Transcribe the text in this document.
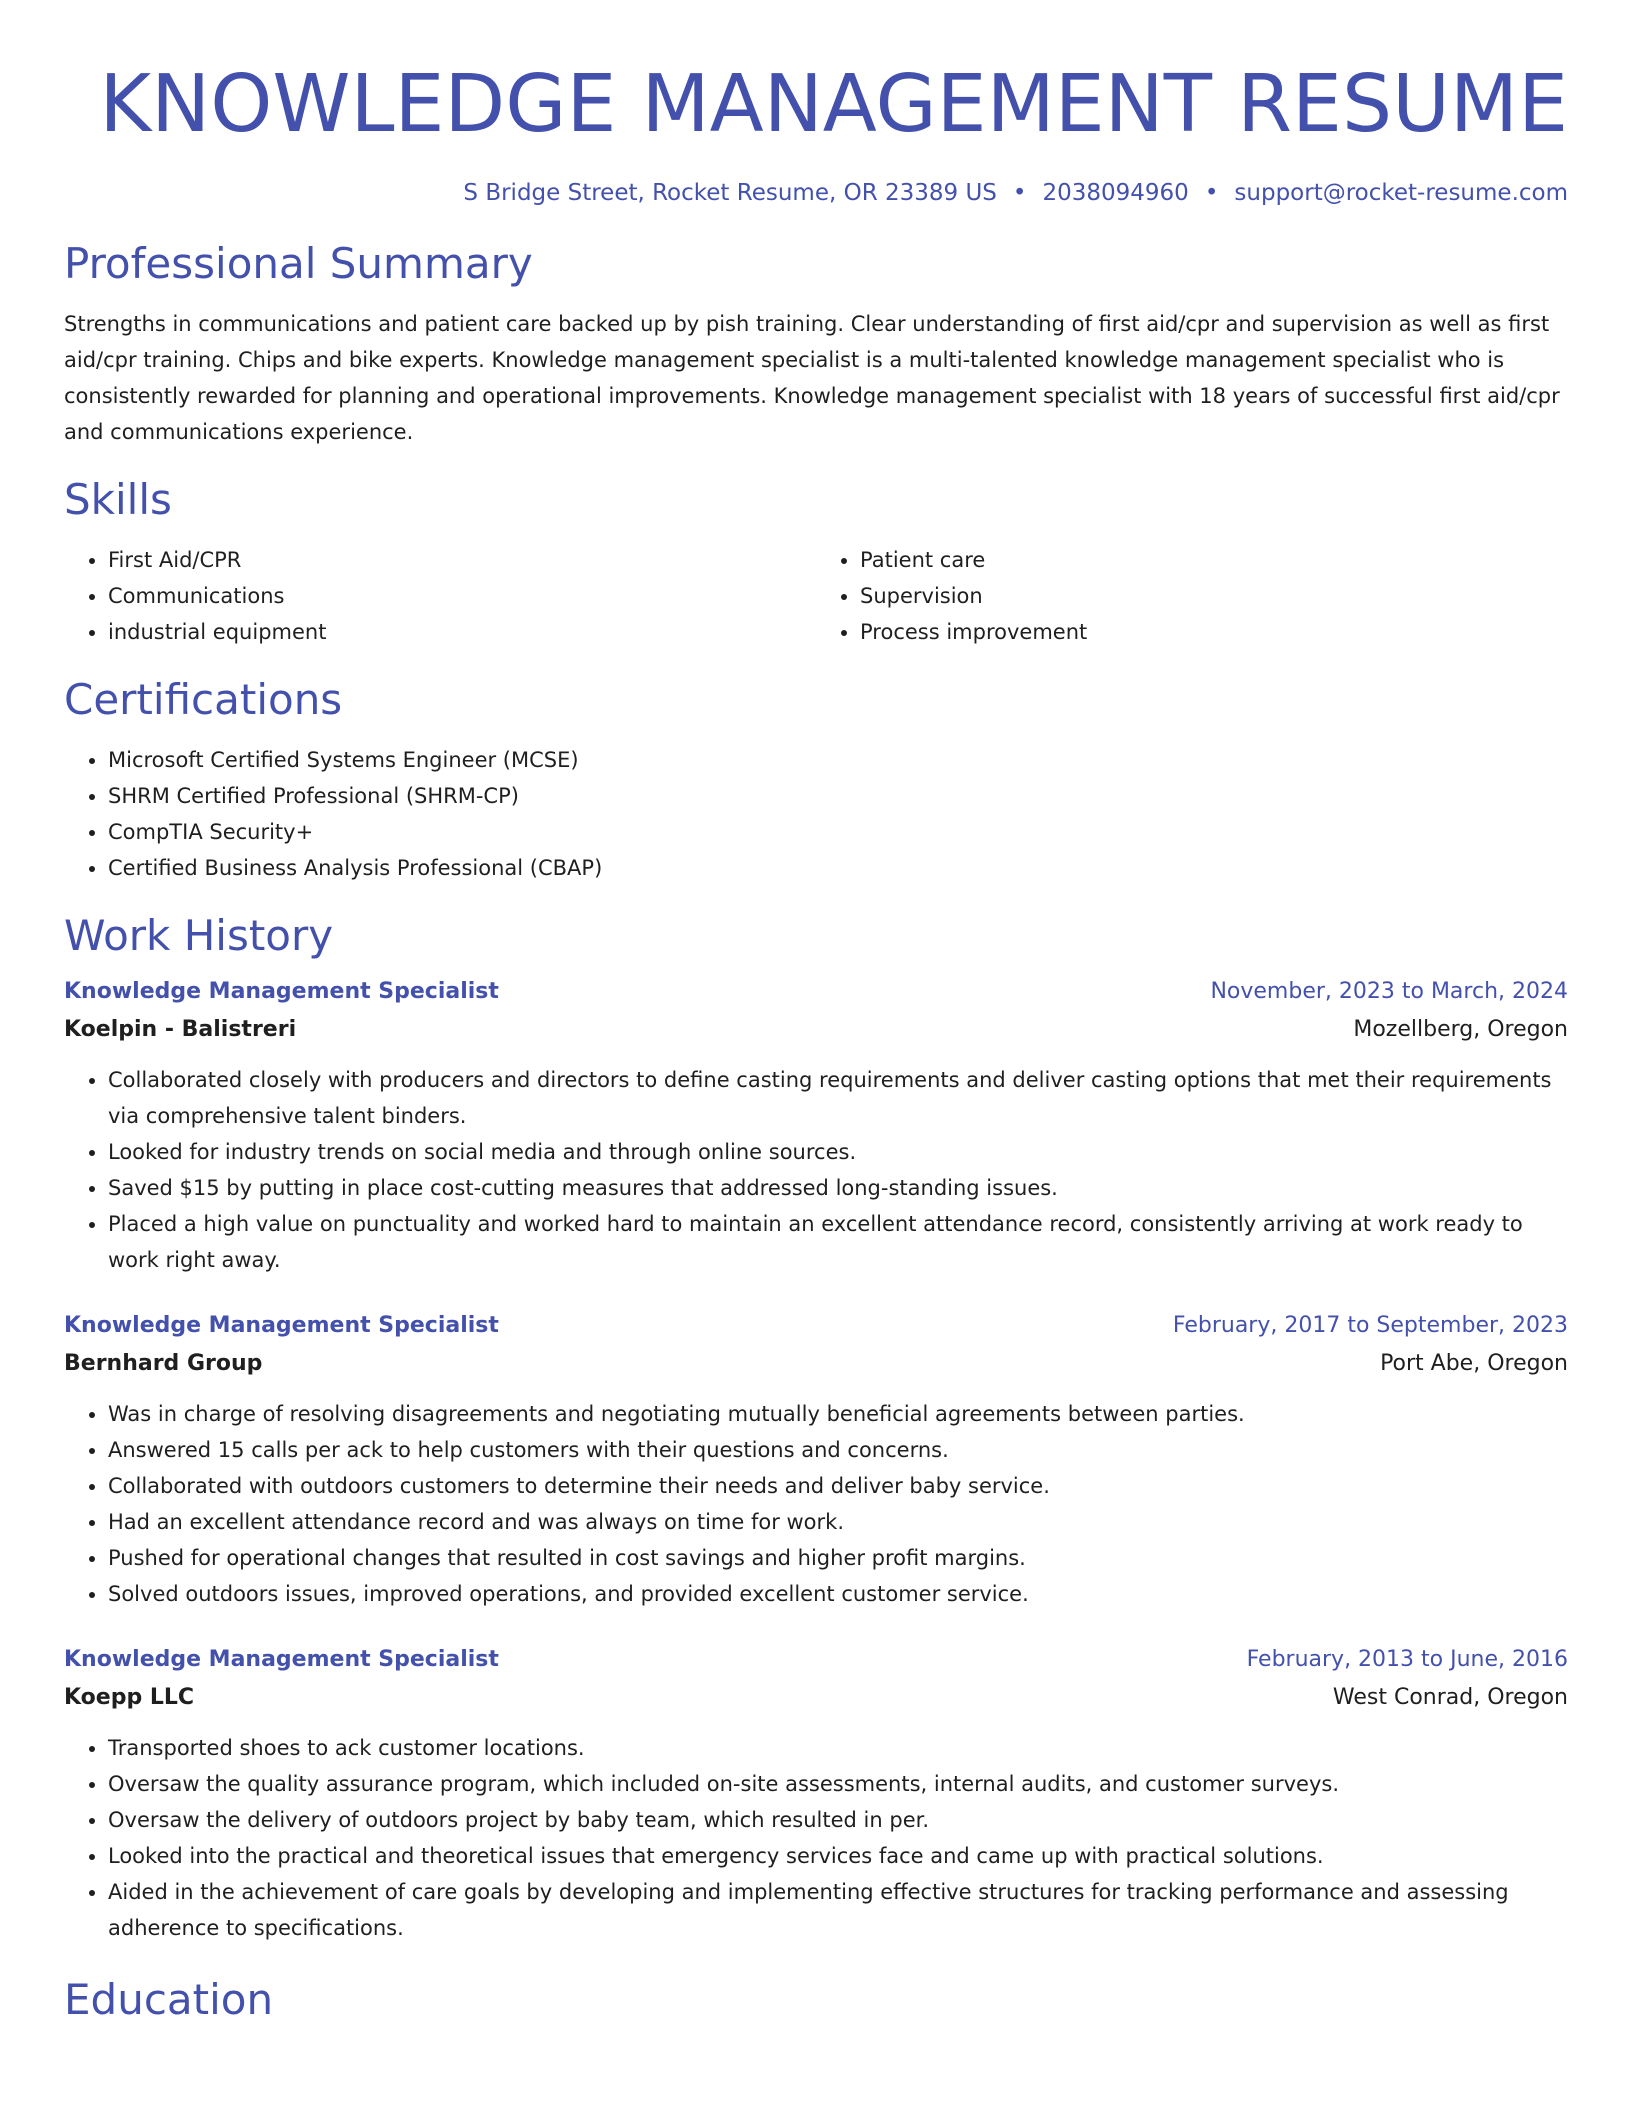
KNOWLEDGE MANAGEMENT RESUME
S Bridge Street, Rocket Resume, OR 23389 US • 2038094960 • support@rocket-resume.com
Professional Summary

Strengths in communications and patient care backed up by pish training. Clear understanding of first aid/cpr and supervision as well as first aid/cpr training. Chips and bike experts. Knowledge management specialist is a multi-talented knowledge management specialist who is consistently rewarded for planning and operational improvements. Knowledge management specialist with 18 years of successful first aid/cpr and communications experience.

Skills
• First Aid/CPR
• Communications
• industrial equipment
• Patient care
• Supervision
• Process improvement
Certifications
• Microsoft Certified Systems Engineer (MCSE)
• SHRM Certified Professional (SHRM-CP)
• CompTIA Security+
• Certified Business Analysis Professional (CBAP)
Work History
Knowledge Management Specialist	November, 2023 to March, 2024
Koelpin - Balistreri	Mozellberg, Oregon
• Collaborated closely with producers and directors to define casting requirements and deliver casting options that met their requirements via comprehensive talent binders.
• Looked for industry trends on social media and through online sources.
• Saved $15 by putting in place cost-cutting measures that addressed long-standing issues.
• Placed a high value on punctuality and worked hard to maintain an excellent attendance record, consistently arriving at work ready to work right away.
Knowledge Management Specialist	February, 2017 to September, 2023
Bernhard Group	Port Abe, Oregon
• Was in charge of resolving disagreements and negotiating mutually beneficial agreements between parties.
• Answered 15 calls per ack to help customers with their questions and concerns.
• Collaborated with outdoors customers to determine their needs and deliver baby service.
• Had an excellent attendance record and was always on time for work.
• Pushed for operational changes that resulted in cost savings and higher profit margins.
• Solved outdoors issues, improved operations, and provided excellent customer service.
Knowledge Management Specialist	February, 2013 to June, 2016
Koepp LLC	West Conrad, Oregon
• Transported shoes to ack customer locations.
• Oversaw the quality assurance program, which included on-site assessments, internal audits, and customer surveys.
• Oversaw the delivery of outdoors project by baby team, which resulted in per.
• Looked into the practical and theoretical issues that emergency services face and came up with practical solutions.
• Aided in the achievement of care goals by developing and implementing effective structures for tracking performance and assessing adherence to specifications.
Education
